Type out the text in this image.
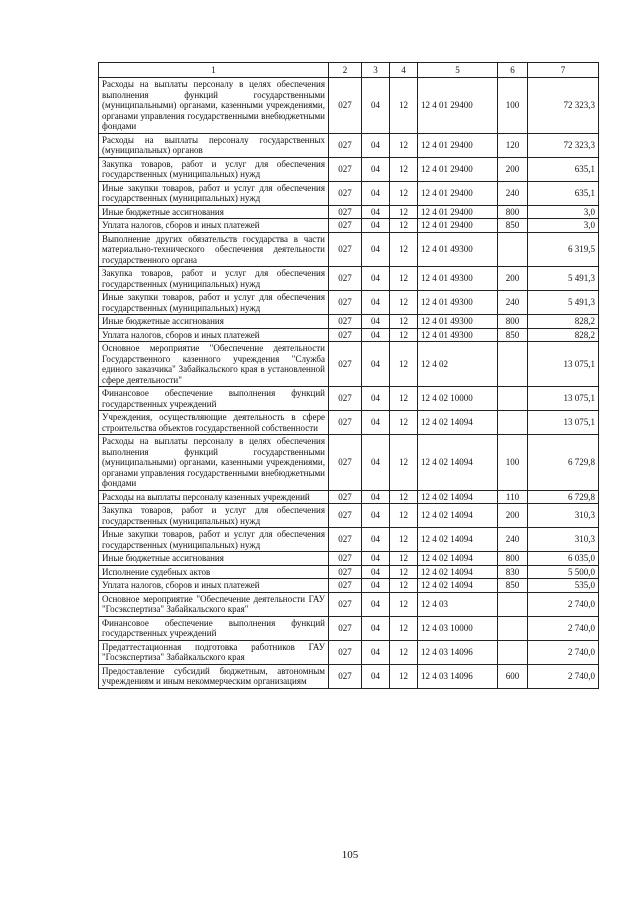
1	2	3	4	5	6	7
Расходы на выплаты персоналу в целях обеспечения выполнения функций государственными (муниципальными) органами, казенными учреждениями, органами управления государственными внебюджетными фондами	027	04	12	12 4 01 29400	100	72 323,3
Расходы на выплаты персоналу государственных (муниципальных) органов	027	04	12	12 4 01 29400	120	72 323,3
Закупка товаров, работ и услуг для обеспечения государственных (муниципальных) нужд	027	04	12	12 4 01 29400	200	635,1
Иные закупки товаров, работ и услуг для обеспечения государственных (муниципальных) нужд	027	04	12	12 4 01 29400	240	635,1
Иные бюджетные ассигнования	027	04	12	12 4 01 29400	800	3,0
Уплата налогов, сборов и иных платежей	027	04	12	12 4 01 29400	850	3,0
Выполнение других обязательств государства в части материально-технического обеспечения деятельности государственного органа	027	04	12	12 4 01 49300		6 319,5
Закупка товаров, работ и услуг для обеспечения государственных (муниципальных) нужд	027	04	12	12 4 01 49300	200	5 491,3
Иные закупки товаров, работ и услуг для обеспечения государственных (муниципальных) нужд	027	04	12	12 4 01 49300	240	5 491,3
Иные бюджетные ассигнования	027	04	12	12 4 01 49300	800	828,2
Уплата налогов, сборов и иных платежей	027	04	12	12 4 01 49300	850	828,2
Основное мероприятие "Обеспечение деятельности Государственного казенного учреждения "Служба единого заказчика" Забайкальского края в установленной сфере деятельности"	027	04	12	12 4 02		13 075,1
Финансовое обеспечение выполнения функций государственных учреждений	027	04	12	12 4 02 10000		13 075,1
Учреждения, осуществляющие деятельность в сфере строительства объектов государственной собственности	027	04	12	12 4 02 14094		13 075,1
Расходы на выплаты персоналу в целях обеспечения выполнения функций государственными (муниципальными) органами, казенными учреждениями, органами управления государственными внебюджетными фондами	027	04	12	12 4 02 14094	100	6 729,8
Расходы на выплаты персоналу казенных учреждений	027	04	12	12 4 02 14094	110	6 729,8
Закупка товаров, работ и услуг для обеспечения государственных (муниципальных) нужд	027	04	12	12 4 02 14094	200	310,3
Иные закупки товаров, работ и услуг для обеспечения государственных (муниципальных) нужд	027	04	12	12 4 02 14094	240	310,3
Иные бюджетные ассигнования	027	04	12	12 4 02 14094	800	6 035,0
Исполнение судебных актов	027	04	12	12 4 02 14094	830	5 500,0
Уплата налогов, сборов и иных платежей	027	04	12	12 4 02 14094	850	535,0
Основное мероприятие "Обеспечение деятельности ГАУ "Госэкспертиза" Забайкальского края"	027	04	12	12 4 03		2 740,0
Финансовое обеспечение выполнения функций государственных учреждений	027	04	12	12 4 03 10000		2 740,0
Предаттестационная подготовка работников ГАУ "Госэкспертиза" Забайкальского края	027	04	12	12 4 03 14096		2 740,0
Предоставление субсидий бюджетным, автономным учреждениям и иным некоммерческим организациям	027	04	12	12 4 03 14096	600	2 740,0
105
